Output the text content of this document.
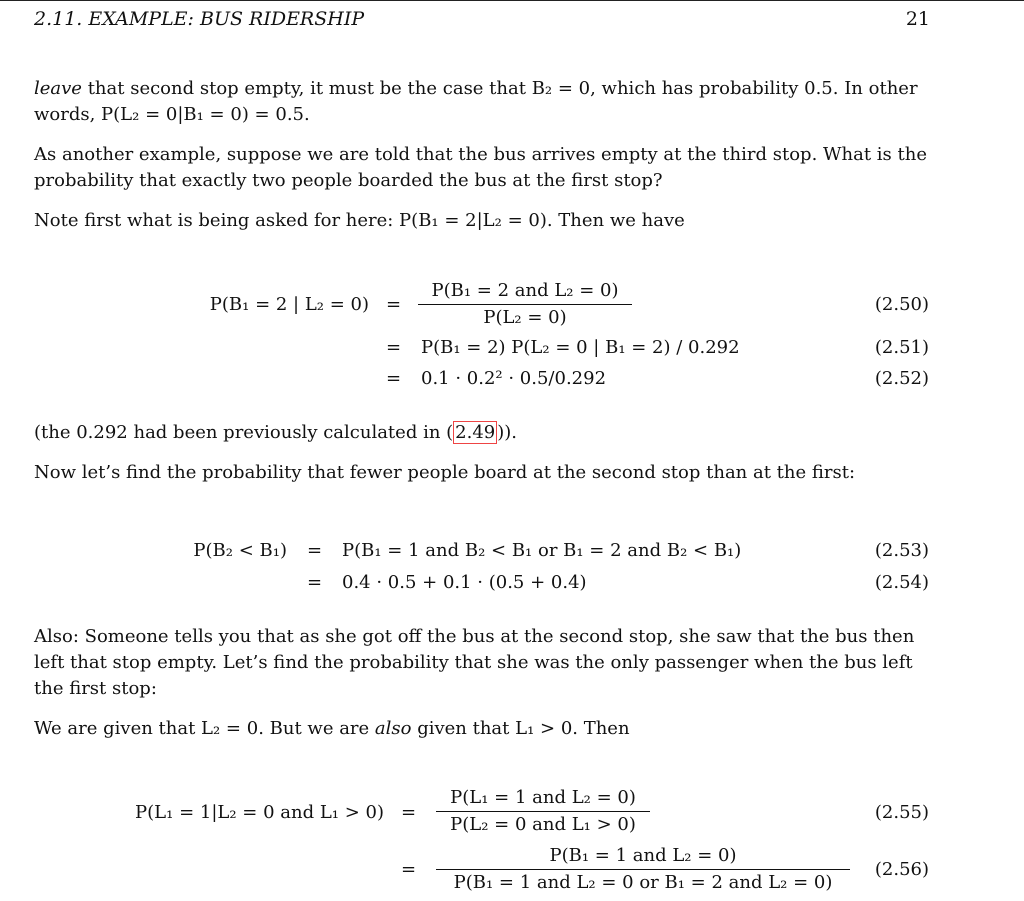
2.11. EXAMPLE: BUS RIDERSHIP	21
leave that second stop empty, it must be the case that B₂ = 0, which has probability 0.5. In other words, P(L₂ = 0|B₁ = 0) = 0.5.
As another example, suppose we are told that the bus arrives empty at the third stop. What is the probability that exactly two people boarded the bus at the first stop?
Note first what is being asked for here: P(B₁ = 2|L₂ = 0). Then we have
P(B₁ = 2 | L₂ = 0) =
P(B₁ = 2 and L₂ = 0)
P(L₂ = 0)
(2.50)
= P(B₁ = 2) P(L₂ = 0 | B₁ = 2) / 0.292	(2.51)
= 0.1 · 0.2² · 0.5/0.292	(2.52)
(the 0.292 had been previously calculated in ( 2.49 )).
Now let’s find the probability that fewer people board at the second stop than at the first:
P(B₂ < B₁) = P(B₁ = 1 and B₂ < B₁ or B₁ = 2 and B₂ < B₁)	(2.53)
= 0.4 · 0.5 + 0.1 · (0.5 + 0.4)	(2.54)
Also: Someone tells you that as she got off the bus at the second stop, she saw that the bus then left that stop empty. Let’s find the probability that she was the only passenger when the bus left the first stop:
We are given that L₂ = 0. But we are also given that L₁ > 0. Then
P(L₁ = 1|L₂ = 0 and L₁ > 0) =
P(L₁ = 1 and L₂ = 0)
P(L₂ = 0 and L₁ > 0)
(2.55)
=
P(B₁ = 1 and L₂ = 0)
P(B₁ = 1 and L₂ = 0 or B₁ = 2 and L₂ = 0)
(2.56)
